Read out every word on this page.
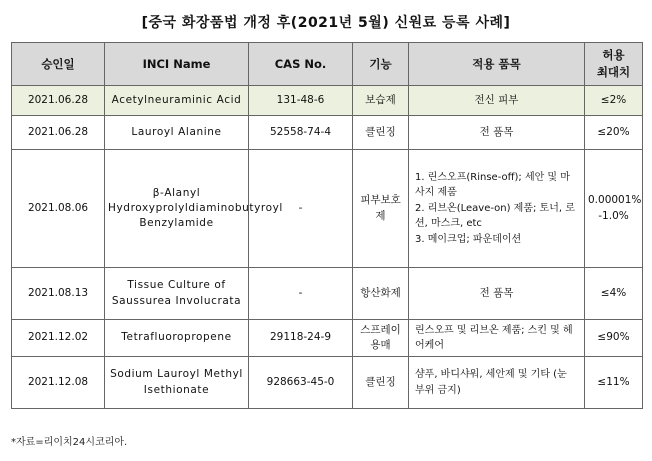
[중국 화장품법 개정 후(2021년 5월) 신원료 등록 사례]
승인일	INCI Name	CAS No.	기능	적용 품목	허용
최대치
2021.06.28	Acetylneuraminic Acid	131-48-6	보습제	전신 피부	≤2%
2021.06.28	Lauroyl Alanine	52558-74-4	클린징	전 품목	≤20%
2021.08.06	β-Alanyl Hydroxyprolyldiaminobutyroyl Benzylamide	-	피부보호제	1. 린스오프(Rinse-off); 세안 및 마사지 제품
2. 리브온(Leave-on) 제품; 토너, 로션, 마스크, etc
3. 메이크업; 파운데이션	0.00001% -1.0%
2021.08.13	Tissue Culture of Saussurea Involucrata	-	항산화제	전 품목	≤4%
2021.12.02	Tetrafluoropropene	29118-24-9	스프레이 용매	린스오프 및 리브온 제품; 스킨 및 헤어케어	≤90%
2021.12.08	Sodium Lauroyl Methyl Isethionate	928663-45-0	클린징	샴푸, 바디샤워, 세안제 및 기타 (눈 부위 금지)	≤11%
*자료=리이치24시코리아.
